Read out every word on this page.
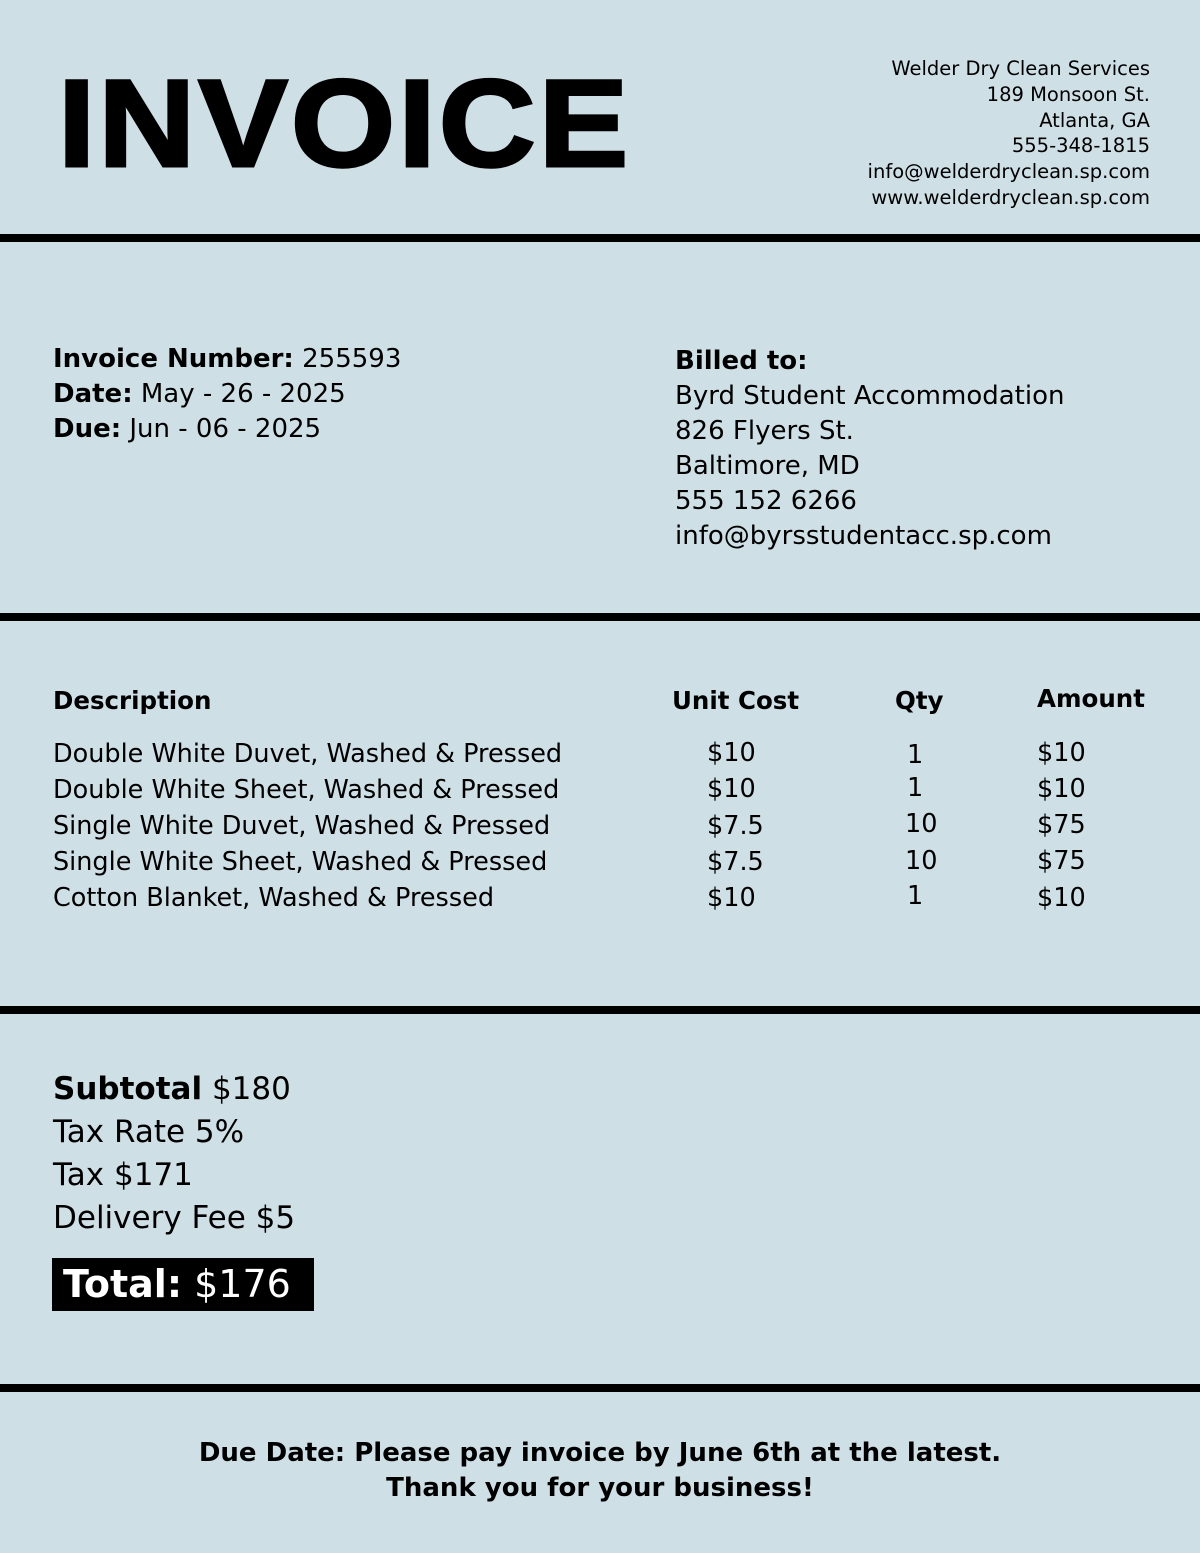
INVOICE	Welder Dry Clean Services
189 Monsoon St.
Atlanta, GA
555-348-1815
info@welderdryclean.sp.com
www.welderdryclean.sp.com
Invoice Number: 255593
Date: May - 26 - 2025
Due: Jun - 06 - 2025
Billed to:
Byrd Student Accommodation
826 Flyers St.
Baltimore, MD
555 152 6266
info@byrsstudentacc.sp.com
Description	Unit Cost	Qty	Amount
Double White Duvet, Washed & Pressed	$10	1	$10
Double White Sheet, Washed & Pressed	$10	1	$10
Single White Duvet, Washed & Pressed	$7.5	10	$75
Single White Sheet, Washed & Pressed	$7.5	10	$75
Cotton Blanket, Washed & Pressed	$10	1	$10
Subtotal $180
Tax Rate 5%
Tax $171
Delivery Fee $5
Total: $176
Due Date: Please pay invoice by June 6th at the latest.
Thank you for your business!
